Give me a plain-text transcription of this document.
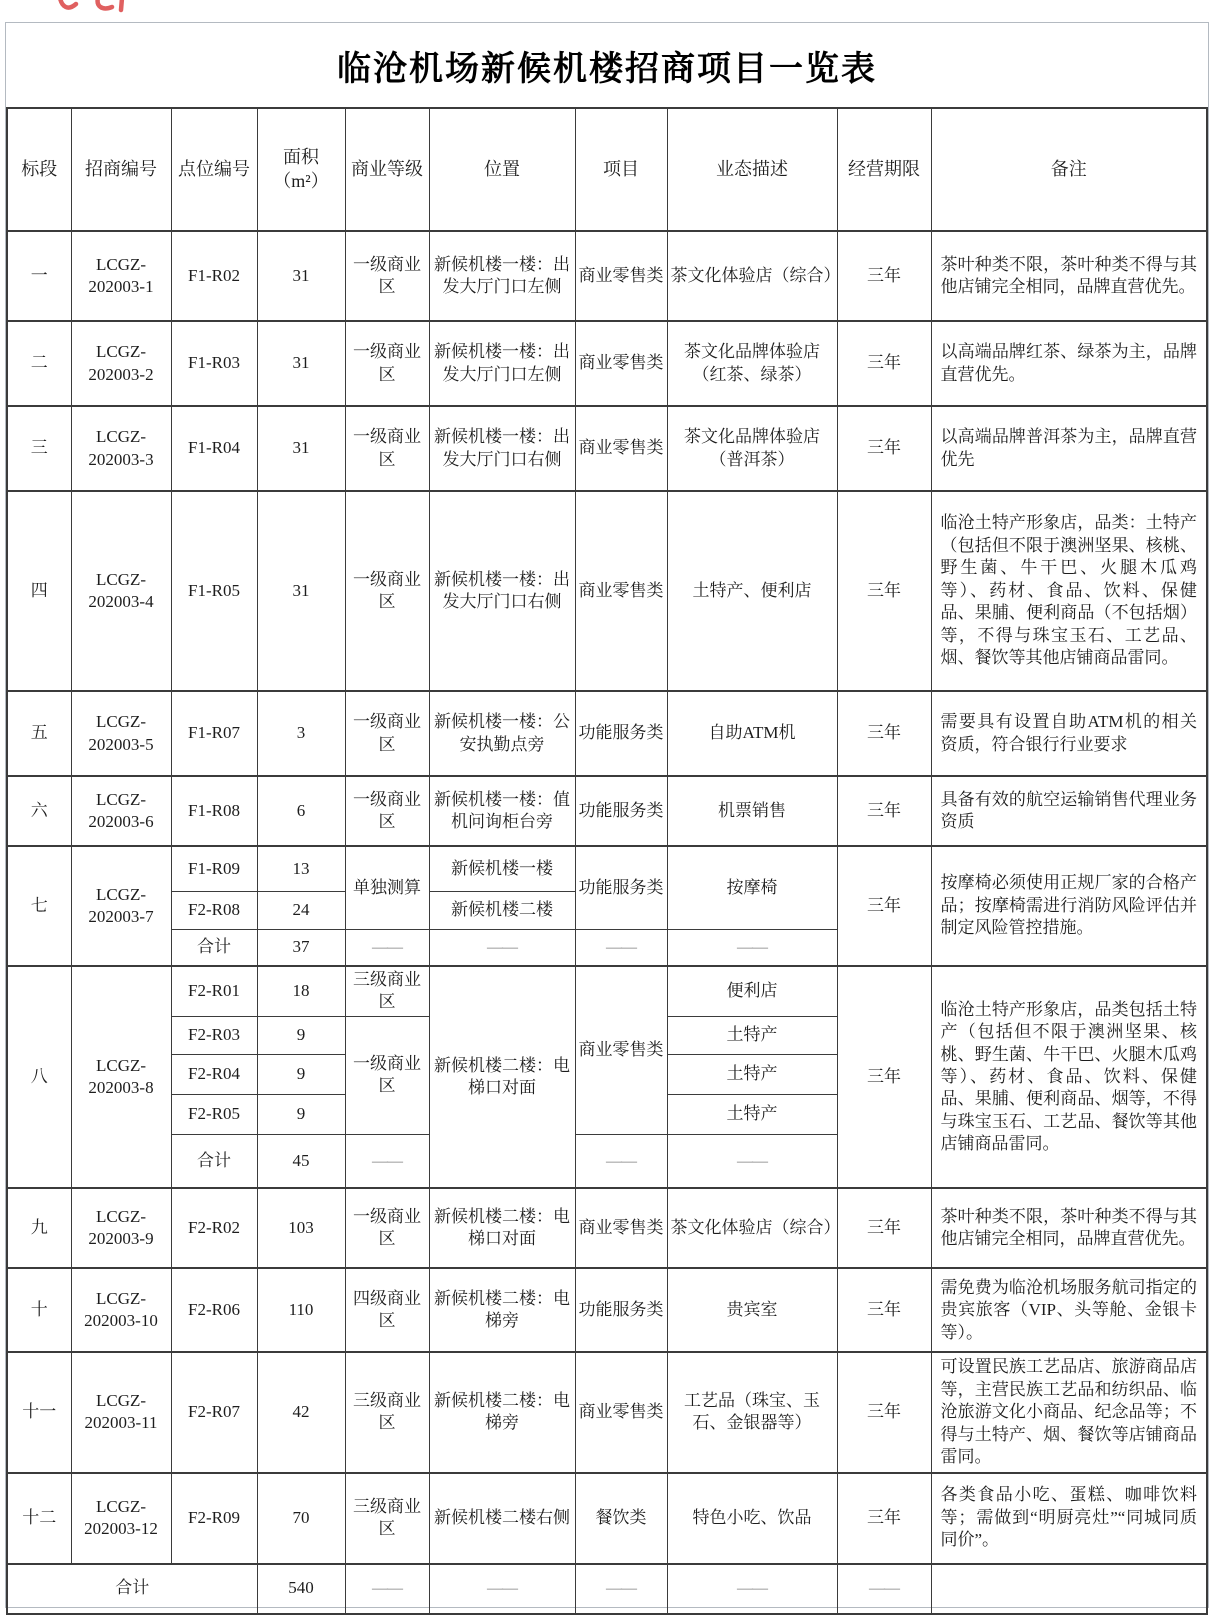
临沧机场新候机楼招商项目一览表
标段	招商编号	点位编号	面积（m²）	商业等级	位置	项目	业态描述	经营期限	备注
一	LCGZ-202003-1	F1-R02	31	一级商业区	新候机楼一楼：出发大厅门口左侧	商业零售类	茶文化体验店（综合）	三年	茶叶种类不限，茶叶种类不得与其他店铺完全相同，品牌直营优先。
二	LCGZ-202003-2	F1-R03	31	一级商业区	新候机楼一楼：出发大厅门口左侧	商业零售类	茶文化品牌体验店（红茶、绿茶）	三年	以高端品牌红茶、绿茶为主，品牌直营优先。
三	LCGZ-202003-3	F1-R04	31	一级商业区	新候机楼一楼：出发大厅门口右侧	商业零售类	茶文化品牌体验店（普洱茶）	三年	以高端品牌普洱茶为主，品牌直营优先
四	LCGZ-202003-4	F1-R05	31	一级商业区	新候机楼一楼：出发大厅门口右侧	商业零售类	土特产、便利店	三年	临沧土特产形象店，品类：土特产（包括但不限于澳洲坚果、核桃、野生菌、牛干巴、火腿木瓜鸡等）、药材、食品、饮料、保健品、果脯、便利商品（不包括烟）等，不得与珠宝玉石、工艺品、烟、餐饮等其他店铺商品雷同。
五	LCGZ-202003-5	F1-R07	3	一级商业区	新候机楼一楼：公安执勤点旁	功能服务类	自助ATM机	三年	需要具有设置自助ATM机的相关资质，符合银行行业要求
六	LCGZ-202003-6	F1-R08	6	一级商业区	新候机楼一楼：值机问询柜台旁	功能服务类	机票销售	三年	具备有效的航空运输销售代理业务资质
七	LCGZ-202003-7	F1-R09	13	单独测算	新候机楼一楼	功能服务类	按摩椅	三年	按摩椅必须使用正规厂家的合格产品；按摩椅需进行消防风险评估并制定风险管控措施。
		F2-R08	24		新候机楼二楼				
		合计	37	——	——	——	——		
八	LCGZ-202003-8	F2-R01	18	三级商业区	新候机楼二楼：电梯口对面	商业零售类	便利店	三年	临沧土特产形象店，品类包括土特产（包括但不限于澳洲坚果、核桃、野生菌、牛干巴、火腿木瓜鸡等）、药材、食品、饮料、保健品、果脯、便利商品、烟等，不得与珠宝玉石、工艺品、餐饮等其他店铺商品雷同。
		F2-R03	9	一级商业区			土特产		
		F2-R04	9				土特产		
		F2-R05	9				土特产		
		合计	45	——		——	——		
九	LCGZ-202003-9	F2-R02	103	一级商业区	新候机楼二楼：电梯口对面	商业零售类	茶文化体验店（综合）	三年	茶叶种类不限，茶叶种类不得与其他店铺完全相同，品牌直营优先。
十	LCGZ-202003-10	F2-R06	110	四级商业区	新候机楼二楼：电梯旁	功能服务类	贵宾室	三年	需免费为临沧机场服务航司指定的贵宾旅客（VIP、头等舱、金银卡等）。
十一	LCGZ-202003-11	F2-R07	42	三级商业区	新候机楼二楼：电梯旁	商业零售类	工艺品（珠宝、玉石、金银器等）	三年	可设置民族工艺品店、旅游商品店等，主营民族工艺品和纺织品、临沧旅游文化小商品、纪念品等；不得与土特产、烟、餐饮等店铺商品雷同。
十二	LCGZ-202003-12	F2-R09	70	三级商业区	新候机楼二楼右侧	餐饮类	特色小吃、饮品	三年	各类食品小吃、蛋糕、咖啡饮料等；需做到“明厨亮灶”“同城同质同价”。
合计			540	——	——	——	——	——	
